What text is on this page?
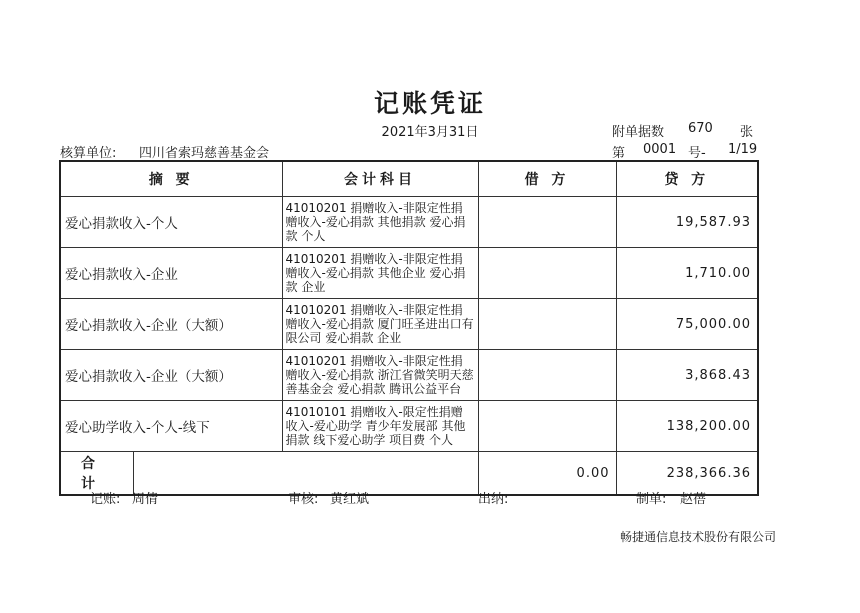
记账凭证
2021年3月31日	附单据数 670 张
核算单位: 四川省索玛慈善基金会	第 0001 号- 1/19
摘 要	会计科目	借 方	贷 方
爱心捐款收入-个人	41010201 捐赠收入-非限定性捐赠收入-爱心捐款 其他捐款 爱心捐款 个人		19,587.93
爱心捐款收入-企业	41010201 捐赠收入-非限定性捐赠收入-爱心捐款 其他企业 爱心捐款 企业		1,710.00
爱心捐款收入-企业（大额）	41010201 捐赠收入-非限定性捐赠收入-爱心捐款 厦门旺圣进出口有限公司 爱心捐款 企业		75,000.00
爱心捐款收入-企业（大额）	41010201 捐赠收入-非限定性捐赠收入-爱心捐款 浙江省微笑明天慈善基金会 爱心捐款 腾讯公益平台		3,868.43
爱心助学收入-个人-线下	41010101 捐赠收入-限定性捐赠收入-爱心助学 青少年发展部 其他捐款 线下爱心助学 项目费 个人		138,200.00

合 计		0.00	238,366.36
记账: 周倩	审核: 黄红斌	出纳:	制单: 赵蓓
畅捷通信息技术股份有限公司
